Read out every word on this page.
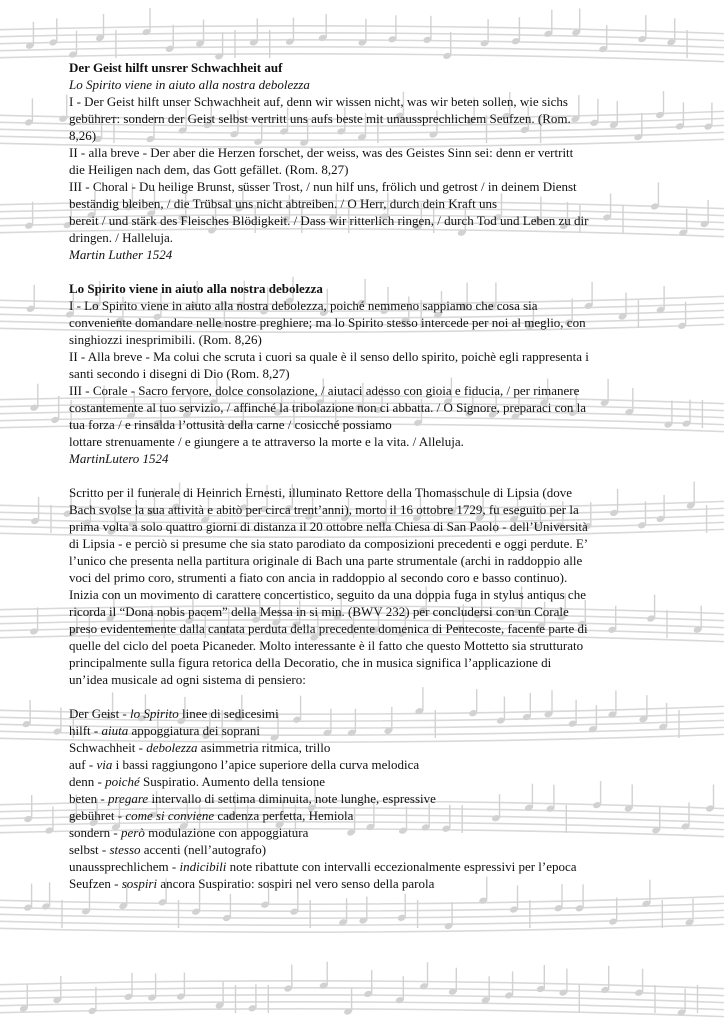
Der Geist hilft unsrer Schwachheit auf

Lo Spirito viene in aiuto alla nostra debolezza

I - Der Geist hilft unser Schwachheit auf, denn wir wissen nicht, was wir beten sollen, wie sichs

gebührет: sondern der Geist selbst vertritt uns aufs beste mit unaussprechlichem Seufzen. (Rom.

8,26)

II - alla breve - Der aber die Herzen forschet, der weiss, was des Geistes Sinn sei: denn er vertritt

die Heiligen nach dem, das Gott gefället. (Rom. 8,27)

III - Choral - Du heilige Brunst, süsser Trost, / nun hilf uns, frölich und getrost / in deinem Dienst

beständig bleiben, / die Trübsal uns nicht abtreiben. / O Herr, durch dein Kraft uns

bereit / und stärk des Fleisches Blödigkeit. / Dass wir ritterlich ringen, / durch Tod und Leben zu dir

dringen. / Halleluja.

Martin Luther 1524

Lo Spirito viene in aiuto alla nostra debolezza

I - Lo Spirito viene in aiuto alla nostra debolezza, poiché nemmeno sappiamo che cosa sia

conveniente domandare nelle nostre preghiere; ma lo Spirito stesso intercede per noi al meglio, con

singhiozzi inesprimibili. (Rom. 8,26)

II - Alla breve - Ma colui che scruta i cuori sa quale è il senso dello spirito, poichè egli rappresenta i

santi secondo i disegni di Dio (Rom. 8,27)

III - Corale - Sacro fervore, dolce consolazione, / aiutaci adesso con gioia e fiducia, / per rimanere

costantemente al tuo servizio, / affinché la tribolazione non ci abbatta. / O Signore, preparaci con la

tua forza / e rinsalda l’ottusità della carne / cosicché possiamo

lottare strenuamente / e giungere a te attraverso la morte e la vita. / Alleluja.

MartinLutero 1524

Scritto per il funerale di Heinrich Ernesti, illuminato Rettore della Thomasschule di Lipsia (dove

Bach svolse la sua attività e abitò per circa trent’anni), morto il 16 ottobre 1729, fu eseguito per la

prima volta a solo quattro giorni di distanza il 20 ottobre nella Chiesa di San Paolo - dell’Università

di Lipsia - e perciò si presume che sia stato parodiato da composizioni precedenti e oggi perdute. E’

l’unico che presenta nella partitura originale di Bach una parte strumentale (archi in raddoppio alle

voci del primo coro, strumenti a fiato con ancia in raddoppio al secondo coro e basso continuo).

Inizia con un movimento di carattere concertistico, seguito da una doppia fuga in stylus antiqus che

ricorda il “Dona nobis pacem” della Messa in si min. (BWV 232) per concludersi con un Corale

preso evidentemente dalla cantata perduta della precedente domenica di Pentecoste, facente parte di

quelle del ciclo del poeta Picaneder. Molto interessante è il fatto che questo Mottetto sia strutturato

principalmente sulla figura retorica della Decoratio, che in musica significa l’applicazione di

un’idea musicale ad ogni sistema di pensiero:

Der Geist - lo Spirito linee di sedicesimi

hilft - aiuta appoggiatura dei soprani

Schwachheit - debolezza asimmetria ritmica, trillo

auf - via i bassi raggiungono l’apice superiore della curva melodica

denn - poiché Suspiratio. Aumento della tensione

beten - pregare intervallo di settima diminuita, note lunghe, espressive

gebühret - come si conviene cadenza perfetta, Hemiola

sondern - però modulazione con appoggiatura

selbst - stesso accenti (nell’autografo)

unaussprechlichem - indicibili note ribattute con intervalli eccezionalmente espressivi per l’epoca

Seufzen - sospiri ancora Suspiratio: sospiri nel vero senso della parola
